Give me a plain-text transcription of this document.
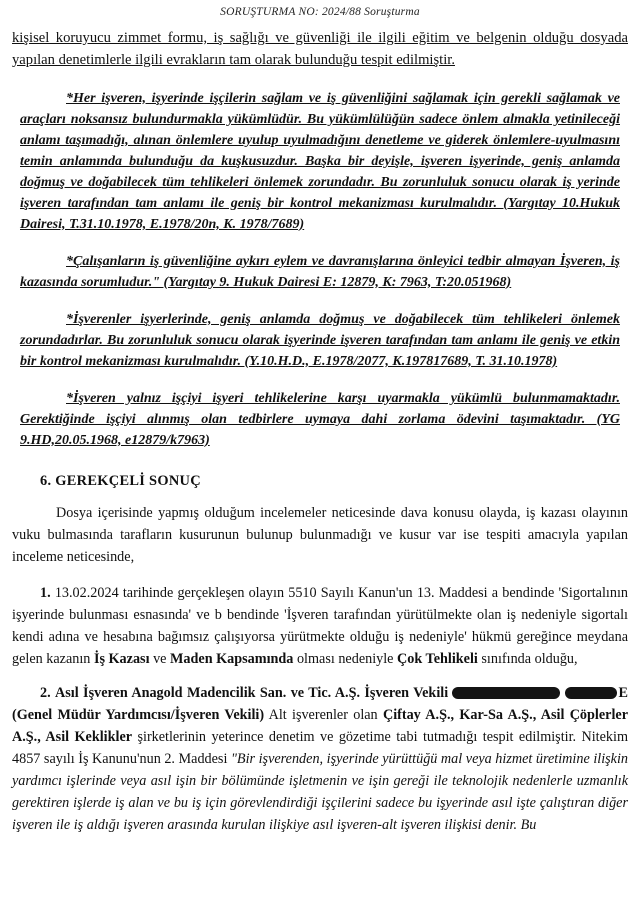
SORUŞTURMA NO: 2024/88 Soruşturma

kişisel koruyucu zimmet formu, iş sağlığı ve güvenliği ile ilgili eğitim ve belgenin olduğu dosyada yapılan denetimlerle ilgili evrakların tam olarak bulunduğu tespit edilmiştir.

*Her işveren, işyerinde işçilerin sağlam ve iş güvenliğini sağlamak için gerekli sağlamak ve araçları noksansız bulundurmakla yükümlüdür. Bu yükümlülüğün sadece önlem almakla yetinileceği anlamı taşımadığı, alınan önlemlere uyulup uyulmadığını denetleme ve giderek önlemlere-uyulmasını temin anlamında bulunduğu da kuşkusuzdur. Başka bir deyişle, işveren işyerinde, geniş anlamda doğmuş ve doğabilecek tüm tehlikeleri önlemek zorundadır. Bu zorunluluk sonucu olarak iş yerinde işveren tarafından tam anlamı ile geniş bir kontrol mekanizması kurulmalıdır. (Yargıtay 10.Hukuk Dairesi, T.31.10.1978, E.1978/20n, K. 1978/7689)

*Çalışanların iş güvenliğine aykırı eylem ve davranışlarına önleyici tedbir almayan İşveren, iş kazasında sorumludur." (Yargıtay 9. Hukuk Dairesi E: 12879, K: 7963, T:20.051968)

*İşverenler işyerlerinde, geniş anlamda doğmuş ve doğabilecek tüm tehlikeleri önlemek zorundadırlar. Bu zorunluluk sonucu olarak işyerinde işveren tarafından tam anlamı ile geniş ve etkin bir kontrol mekanizması kurulmalıdır. (Y.10.H.D., E.1978/2077, K.197817689, T. 31.10.1978)

*İşveren yalnız işçiyi işyeri tehlikelerine karşı uyarmakla yükümlü bulunmamaktadır. Gerektiğinde işçiyi alınmış olan tedbirlere uymaya dahi zorlama ödevini taşımaktadır. (YG 9.HD,20.05.1968, e12879/k7963)

6. GEREKÇELİ SONUÇ

Dosya içerisinde yapmış olduğum incelemeler neticesinde dava konusu olayda, iş kazası olayının vuku bulmasında tarafların kusurunun bulunup bulunmadığı ve kusur var ise tespiti amacıyla yapılan inceleme neticesinde,

1. 13.02.2024 tarihinde gerçekleşen olayın 5510 Sayılı Kanun'un 13. Maddesi a bendinde 'Sigortalının işyerinde bulunması esnasında' ve b bendinde 'İşveren tarafından yürütülmekte olan iş nedeniyle sigortalı kendi adına ve hesabına bağımsız çalışıyorsa yürütmekte olduğu iş nedeniyle' hükmü gereğince meydana gelen kazanın İş Kazası ve Maden Kapsamında olması nedeniyle Çok Tehlikeli sınıfında olduğu,

2. Asıl İşveren Anagold Madencilik San. ve Tic. A.Ş. İşveren Vekili	E (Genel Müdür Yardımcısı/İşveren Vekili) Alt işverenler olan Çiftay A.Ş., Kar-Sa A.Ş., Asil Çöplerler A.Ş., Asil Keklikler şirketlerinin yeterince denetim ve gözetime tabi tutmadığı tespit edilmiştir. Nitekim 4857 sayılı İş Kanunu'nun 2. Maddesi "Bir işverenden, işyerinde yürüttüğü mal veya hizmet üretimine ilişkin yardımcı işlerinde veya asıl işin bir bölümünde işletmenin ve işin gereği ile teknolojik nedenlerle uzmanlık gerektiren işlerde iş alan ve bu iş için görevlendirdiği işçilerini sadece bu işyerinde asıl işte çalıştıran diğer işveren ile iş aldığı işveren arasında kurulan ilişkiye asıl işveren-alt işveren ilişkisi denir. Bu
